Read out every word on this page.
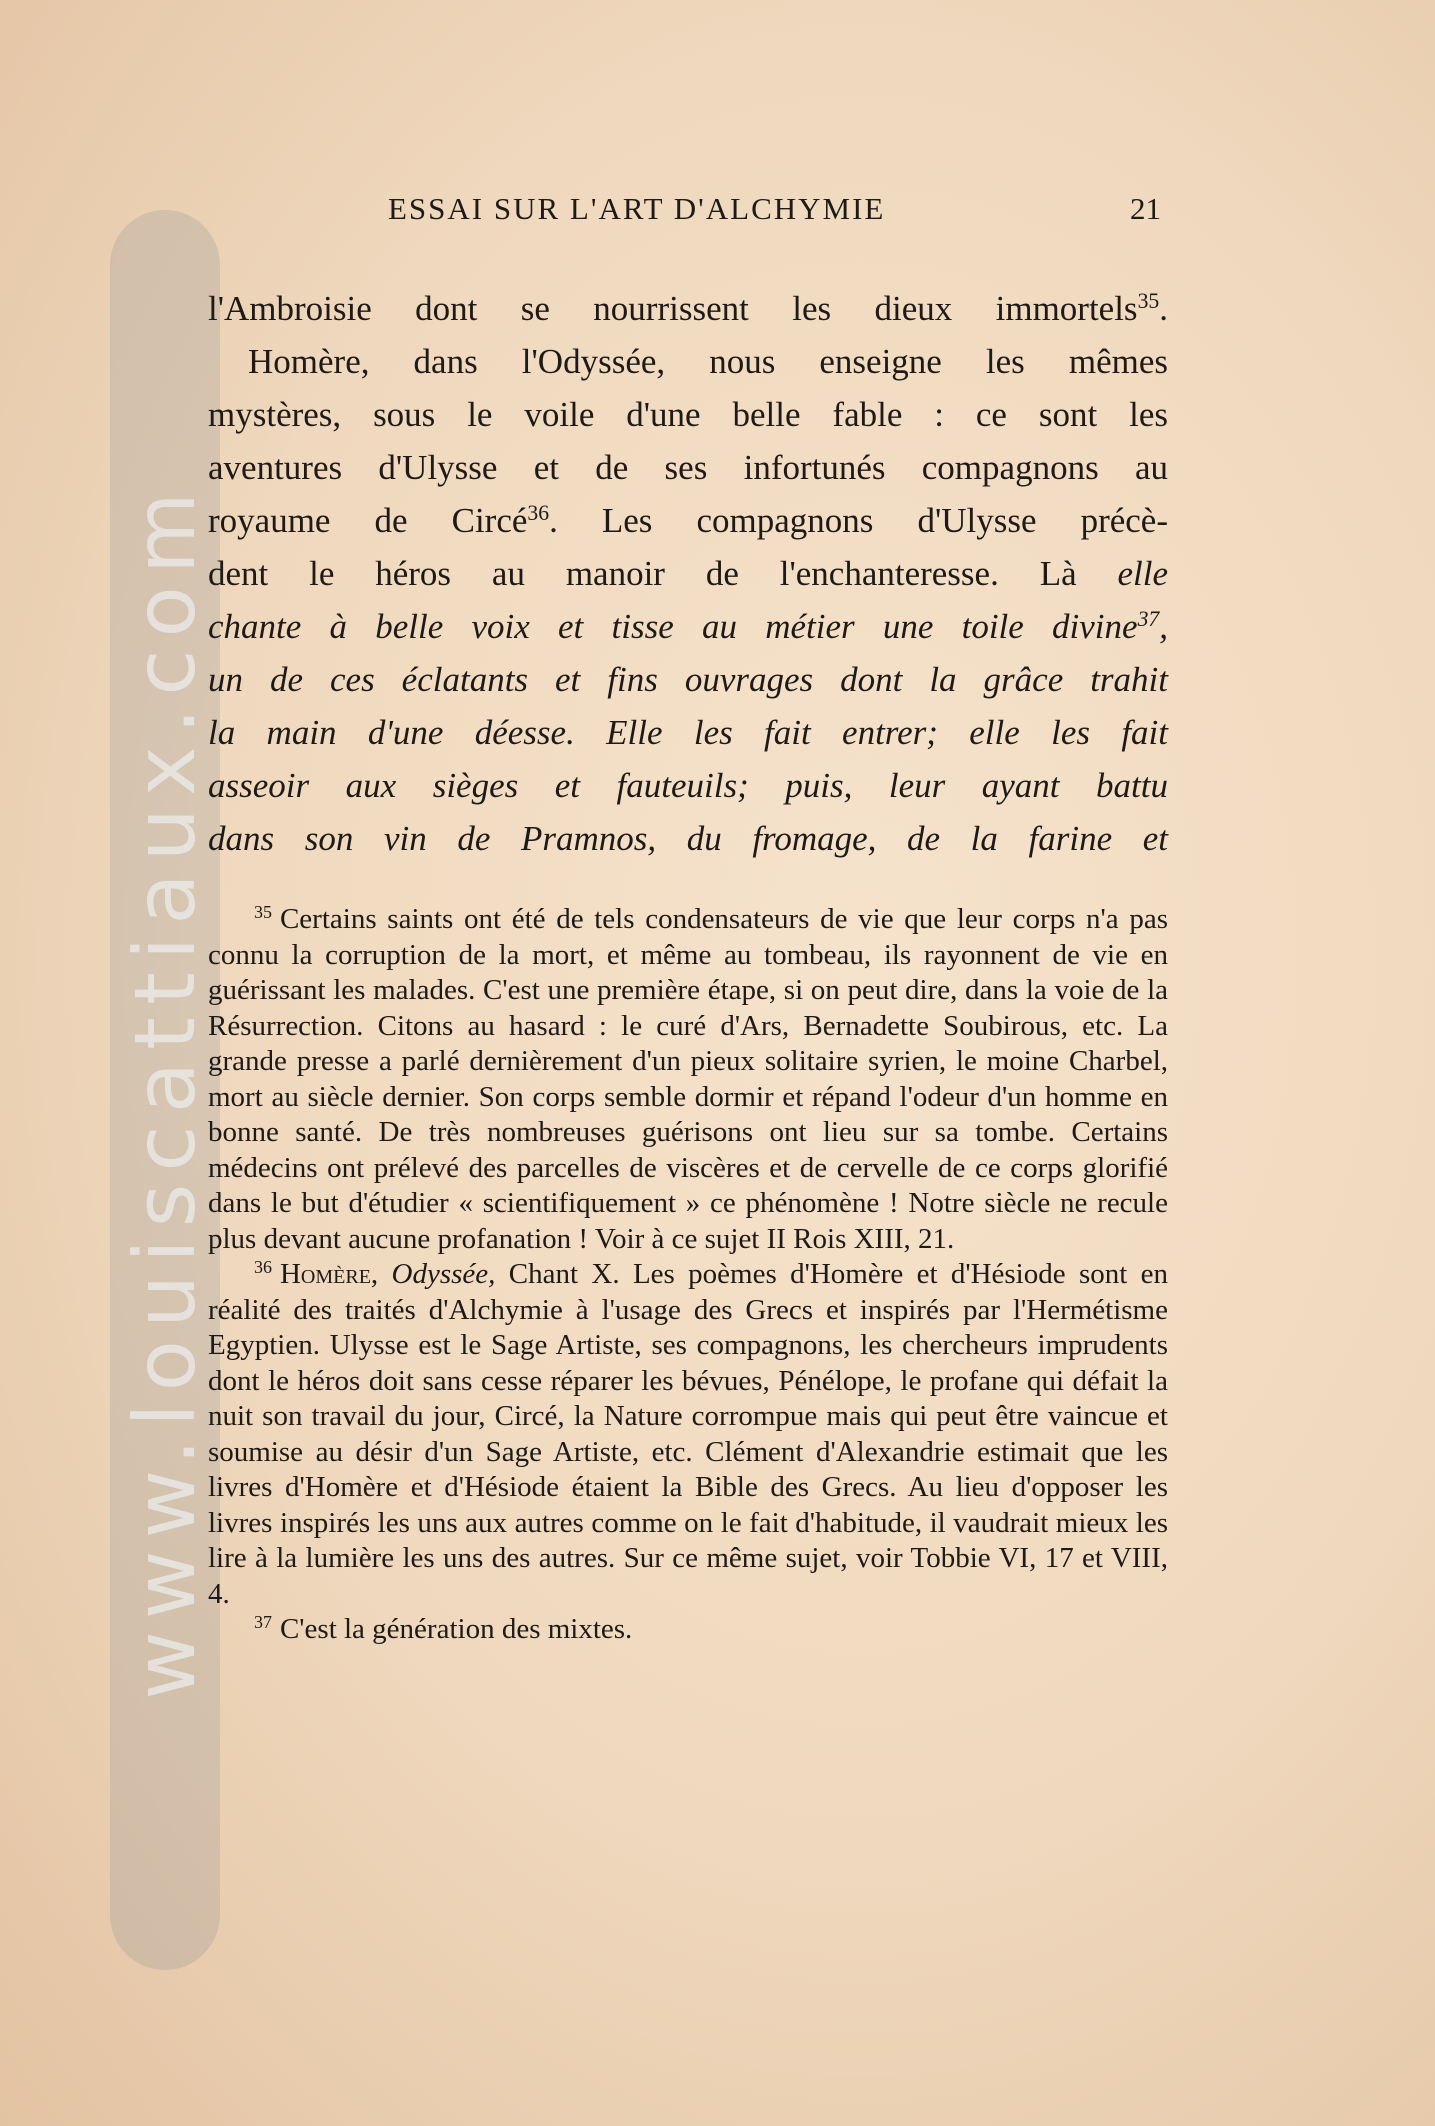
www.louiscattiaux.com
ESSAI SUR L'ART D'ALCHYMIE	21
l'Ambroisie dont se nourrissent les dieux immortels$^{35}$.
Homère, dans l'Odyssée, nous enseigne les mêmes
mystères, sous le voile d'une belle fable : ce sont les
aventures d'Ulysse et de ses infortunés compagnons au
royaume de Circé$^{36}$. Les compagnons d'Ulysse précè-
dent le héros au manoir de l'enchanteresse. Là elle
chante à belle voix et tisse au métier une toile divine$^{37}$,
un de ces éclatants et fins ouvrages dont la grâce trahit
la main d'une déesse. Elle les fait entrer; elle les fait
asseoir aux sièges et fauteuils; puis, leur ayant battu
dans son vin de Pramnos, du fromage, de la farine et

$^{35}$ Certains saints ont été de tels condensateurs de vie que leur corps n'a pas connu la corruption de la mort, et même au tombeau, ils rayonnent de vie en guérissant les malades. C'est une première étape, si on peut dire, dans la voie de la Résurrection. Citons au hasard : le curé d'Ars, Bernadette Soubirous, etc. La grande presse a parlé dernièrement d'un pieux solitaire syrien, le moine Charbel, mort au siècle dernier. Son corps semble dormir et répand l'odeur d'un homme en bonne santé. De très nombreuses guérisons ont lieu sur sa tombe. Certains médecins ont prélevé des parcelles de viscères et de cervelle de ce corps glorifié dans le but d'étudier « scientifiquement » ce phénomène ! Notre siècle ne recule plus devant aucune profanation ! Voir à ce sujet II Rois XIII, 21.

$^{36}$ Homère, Odyssée, Chant X. Les poèmes d'Homère et d'Hésiode sont en réalité des traités d'Alchymie à l'usage des Grecs et inspirés par l'Hermétisme Egyptien. Ulysse est le Sage Artiste, ses compagnons, les chercheurs imprudents dont le héros doit sans cesse réparer les bévues, Pénélope, le profane qui défait la nuit son travail du jour, Circé, la Nature corrompue mais qui peut être vaincue et soumise au désir d'un Sage Artiste, etc. Clément d'Alexandrie estimait que les livres d'Homère et d'Hésiode étaient la Bible des Grecs. Au lieu d'opposer les livres inspirés les uns aux autres comme on le fait d'habitude, il vaudrait mieux les lire à la lumière les uns des autres. Sur ce même sujet, voir Tobbie VI, 17 et VIII, 4.

$^{37}$ C'est la génération des mixtes.
